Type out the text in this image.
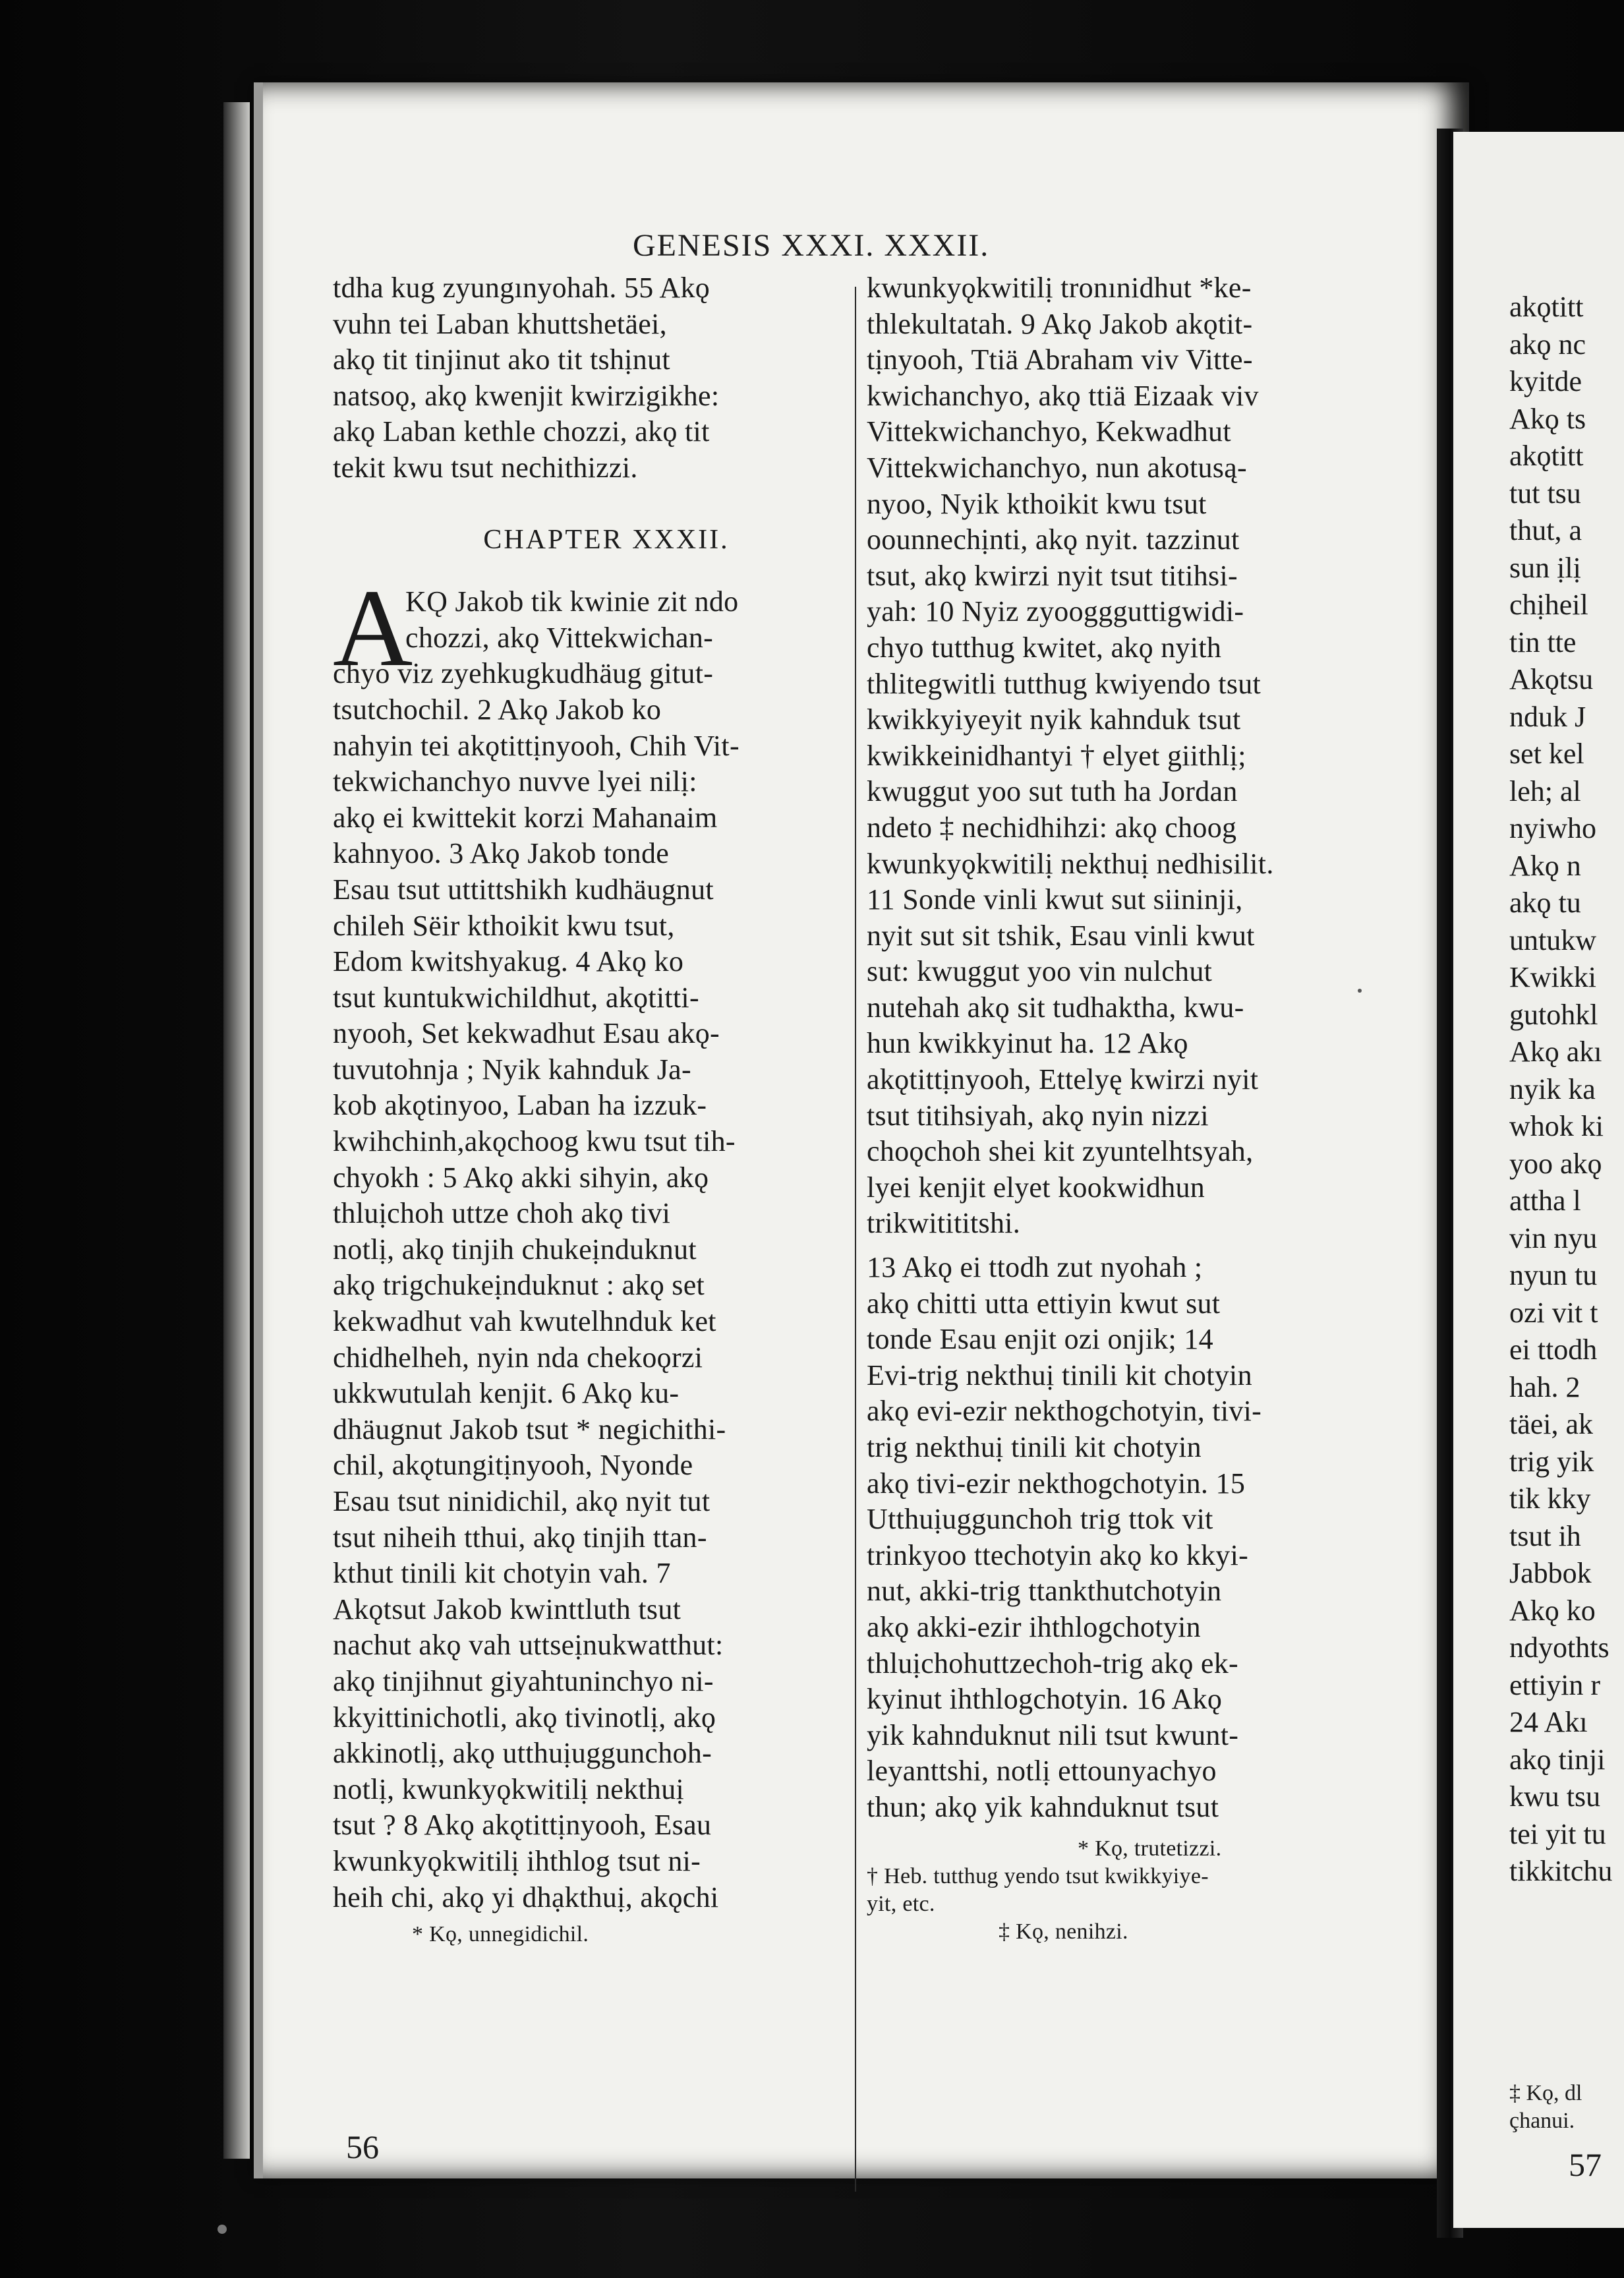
GENESIS XXXI. XXXII.
tdha kug zyungınyohah. 55 Akǫ
vuhn tei Laban khuttshetäei,
akǫ tit tinjinut ako tit tshịnut
natsoǫ, akǫ kwenjit kwirzigikhe:
akǫ Laban kethle chozzi, akǫ tit
tekit kwu tsut nechithizzi.
CHAPTER XXXII.
KǪ Jakob tik kwinie zit ndo
chozzi, akǫ Vittekwichan-
chyo viz zyehkugkudhäug gitut-
tsutchochil. 2 Akǫ Jakob ko
nahyin tei akǫtittịnyooh, Chih Vit-
tekwichanchyo nuvve lyei nilị:
akǫ ei kwittekit korzi Mahanaim
kahnyoo. 3 Akǫ Jakob tonde
Esau tsut uttittshikh kudhäugnut
chileh Sëir kthoikit kwu tsut,
Edom kwitshyakug. 4 Akǫ ko
tsut kuntukwichildhut, akǫtitti-
nyooh, Set kekwadhut Esau akǫ-
tuvutohnja ; Nyik kahnduk Ja-
kob akǫtinyoo, Laban ha izzuk-
kwihchinh,akǫchoog kwu tsut tih-
chyokh : 5 Akǫ akki sihyin, akǫ
thluịchoh uttze choh akǫ tivi
notlị, akǫ tinjih chukeịnduknut
akǫ trigchukeịnduknut : akǫ set
kekwadhut vah kwutelhnduk ket
chidhelheh, nyin nda chekoǫrzi
ukkwutulah kenjit. 6 Akǫ ku-
dhäugnut Jakob tsut * negichithi-
chil, akǫtungitịnyooh, Nyonde
Esau tsut ninidichil, akǫ nyit tut
tsut niheih tthui, akǫ tinjih ttan-
kthut tinili kit chotyin vah. 7
Akǫtsut Jakob kwinttluth tsut
nachut akǫ vah uttseịnukwatthut:
akǫ tinjihnut giyahtuninchyo ni-
kkyittinichotli, akǫ tivinotlị, akǫ
akkinotlị, akǫ utthuịuggunchoh-
notlị, kwunkyǫkwitilị nekthuị
tsut ? 8 Akǫ akǫtittịnyooh, Esau
kwunkyǫkwitilị ihthlog tsut ni-
heih chi, akǫ yi dhạkthuị, akǫchi
* Kǫ, unnegidichil.
A
56
kwunkyǫkwitilị tronınidhut *ke-
thlekultatah. 9 Akǫ Jakob akǫtit-
tịnyooh, Ttiä Abraham viv Vitte-
kwichanchyo, akǫ ttiä Eizaak viv
Vittekwichanchyo, Kekwadhut
Vittekwichanchyo, nun akotusą-
nyoo, Nyik kthoikit kwu tsut
oounnechịnti, akǫ nyit. tazzinut
tsut, akǫ kwirzi nyit tsut titihsi-
yah: 10 Nyiz zyooggguttigwidi-
chyo tutthug kwitet, akǫ nyith
thlitegwitli tutthug kwiyendo tsut
kwikkyiyeyit nyik kahnduk tsut
kwikkeinidhantyi † elyet giithlị;
kwuggut yoo sut tuth ha Jordan
ndeto ‡ nechidhihzi: akǫ choog
kwunkyǫkwitilị nekthuị nedhisilit.
11 Sonde vinli kwut sut siininji,
nyit sut sit tshik, Esau vinli kwut
sut: kwuggut yoo vin nulchut
nutehah akǫ sit tudhaktha, kwu-
hun kwikkyinut ha. 12 Akǫ
akǫtittịnyooh, Ettelyę kwirzi nyit
tsut titihsiyah, akǫ nyin nizzi
choǫchoh shei kit zyuntelhtsyah,
lyei kenjit elyet kookwidhun
trikwitititshi.
13 Akǫ ei ttodh zut nyohah ;
akǫ chitti utta ettiyin kwut sut
tonde Esau enjit ozi onjik; 14
Evi-trig nekthuị tinili kit chotyin
akǫ evi-ezir nekthogchotyin, tivi-
trig nekthuị tinili kit chotyin
akǫ tivi-ezir nekthogchotyin. 15
Utthuịuggunchoh trig ttok vit
trinkyoo ttechotyin akǫ ko kkyi-
nut, akki-trig ttankthutchotyin
akǫ akki-ezir ihthlogchotyin
thluịchohuttzechoh-trig akǫ ek-
kyinut ihthlogchotyin. 16 Akǫ
yik kahnduknut nili tsut kwunt-
leyanttshi, notlị ettounyachyo
thun; akǫ yik kahnduknut tsut
* Kǫ, trutetizzi.
† Heb. tutthug yendo tsut kwikkyiye-
yit, etc.
‡ Kǫ, nenihzi.
akǫtitt
akǫ nc
kyitde
Akǫ ts
akǫtitt
tut tsu
thut, a
sun ịlị
chịheil
tin tte
Akǫtsu
nduk J
set kel
leh; al
nyiwho
Akǫ n
akǫ tu
untukw
Kwikki
gutohkl
Akǫ akı
nyik ka
whok ki
yoo akǫ
attha l
vin nyu
nyun tu
ozi vit t
ei ttodh
hah. 2
täei, ak
trig yik
tik kky
tsut ih
Jabbok
Akǫ ko
ndyothts
ettiyin r
24 Akı
akǫ tinji
kwu tsu
tei yit tu
tikkitchu
‡ Kǫ, dl
çhanui.
57
